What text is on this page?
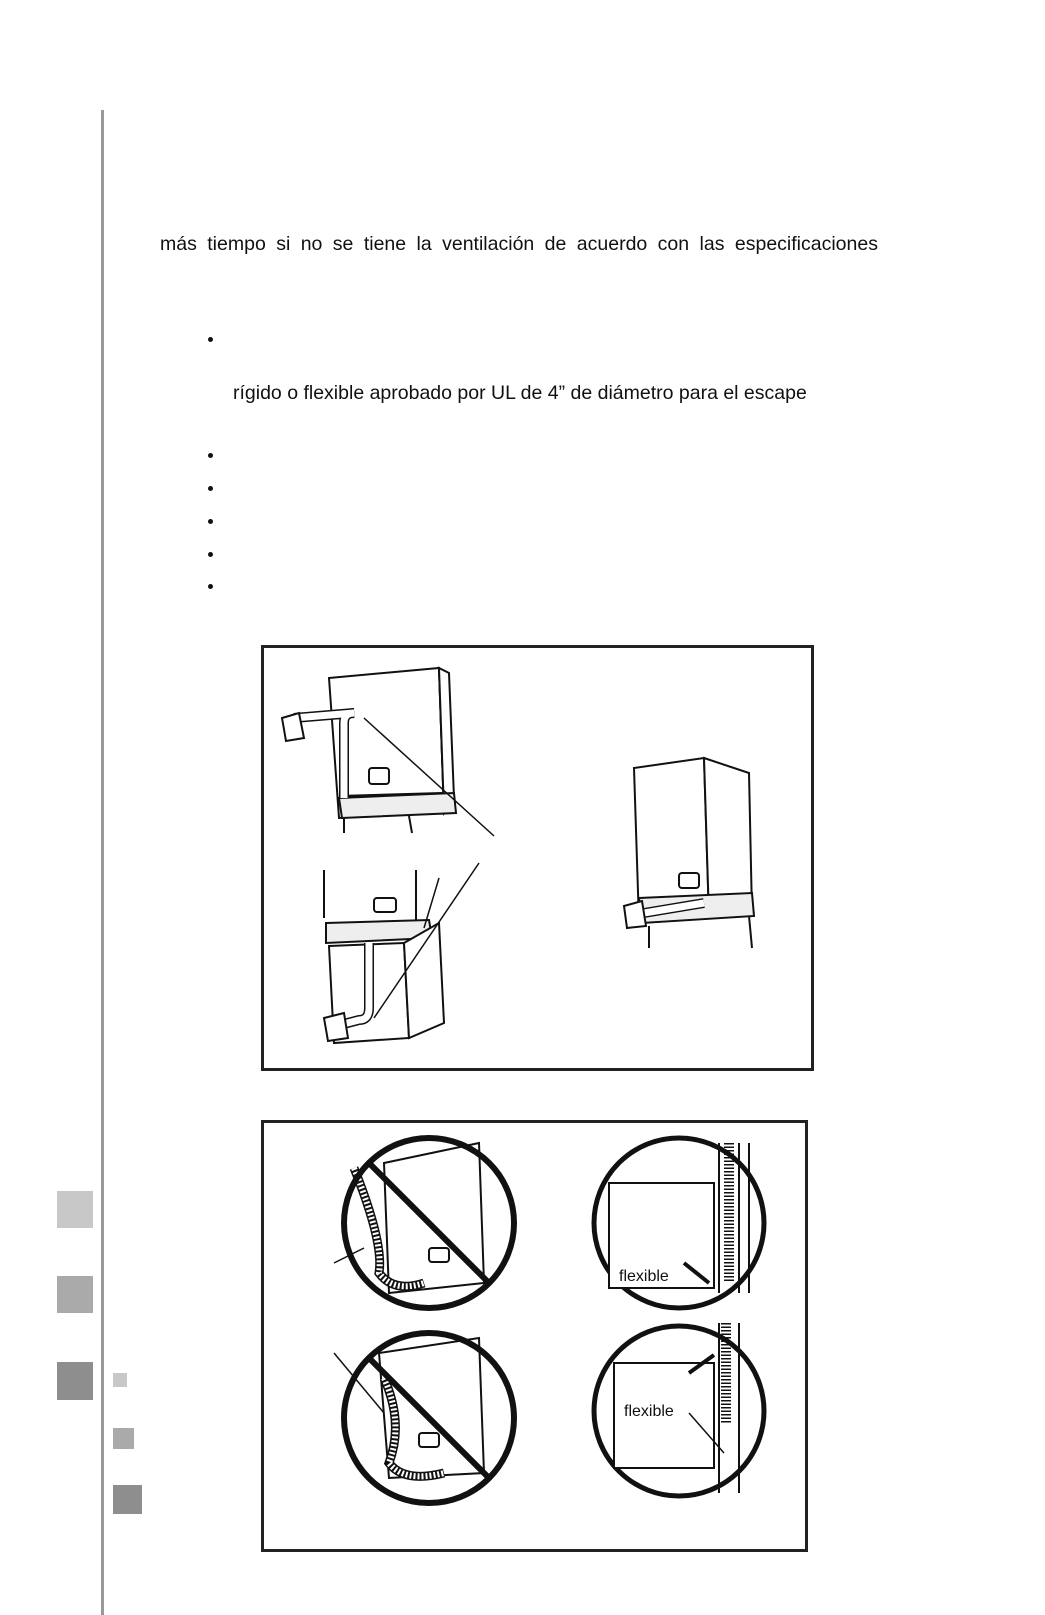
más tiempo si no se tiene la ventilación de acuerdo con las especificaciones
rígido o flexible aprobado por UL de 4” de diámetro para el escape
flexible
flexible
